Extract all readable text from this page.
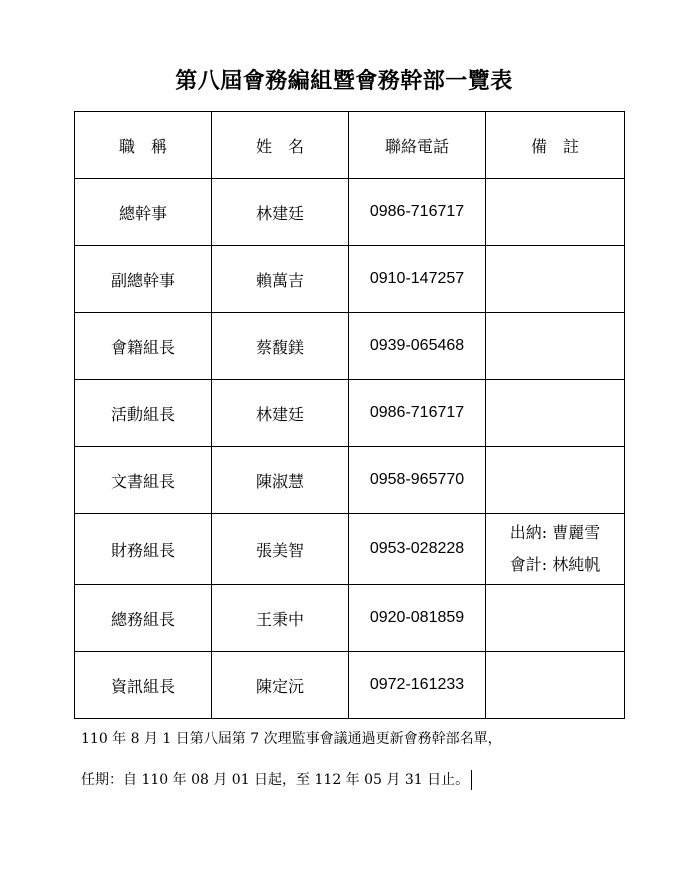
第八屆會務編組暨會務幹部一覽表
職　稱	姓　名	聯絡電話	備　註
總幹事	林建廷	0986-716717	
副總幹事	賴萬吉	0910-147257	
會籍組長	蔡馥鎂	0939-065468	
活動組長	林建廷	0986-716717	
文書組長	陳淑慧	0958-965770	
財務組長	張美智	0953-028228	出納: 曹麗雪
會計: 林純帆

總務組長	王秉中	0920-081859	
資訊組長	陳定沅	0972-161233	
110 年 8 月 1 日第八屆第 7 次理監事會議通過更新會務幹部名單，
任期：自 110 年 08 月 01 日起，至 112 年 05 月 31 日止。
